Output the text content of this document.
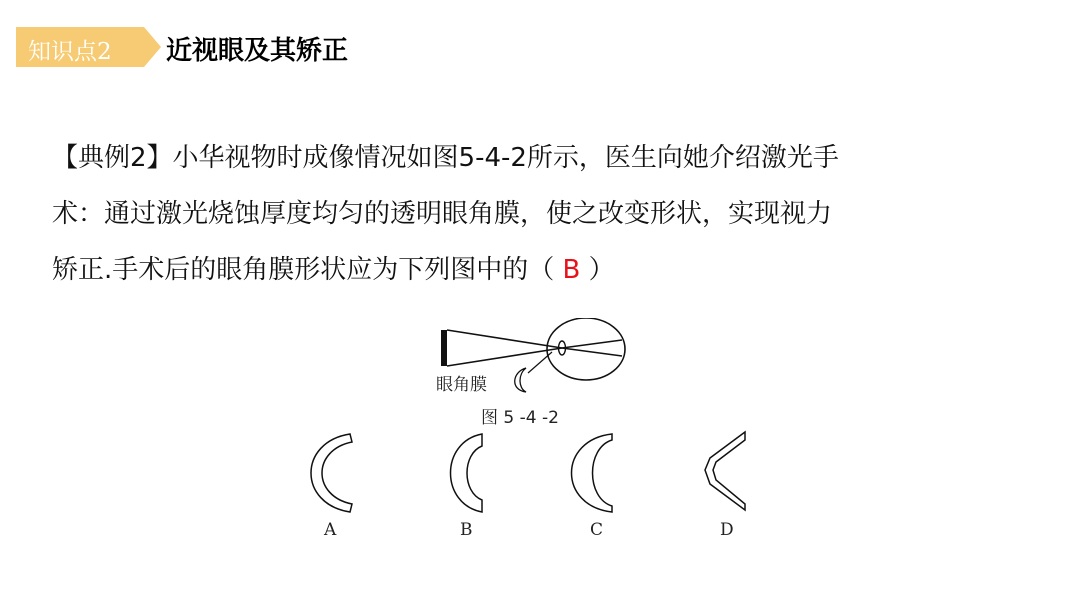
知识点2 近视眼及其矫正
【典例2】小华视物时成像情况如图5-4-2所示，医生向她介绍激光手
术：通过激光烧蚀厚度均匀的透明眼角膜，使之改变形状，实现视力
矫正.手术后的眼角膜形状应为下列图中的（ B ）
眼角膜
图 5 -4 -2
A	B	C	D
